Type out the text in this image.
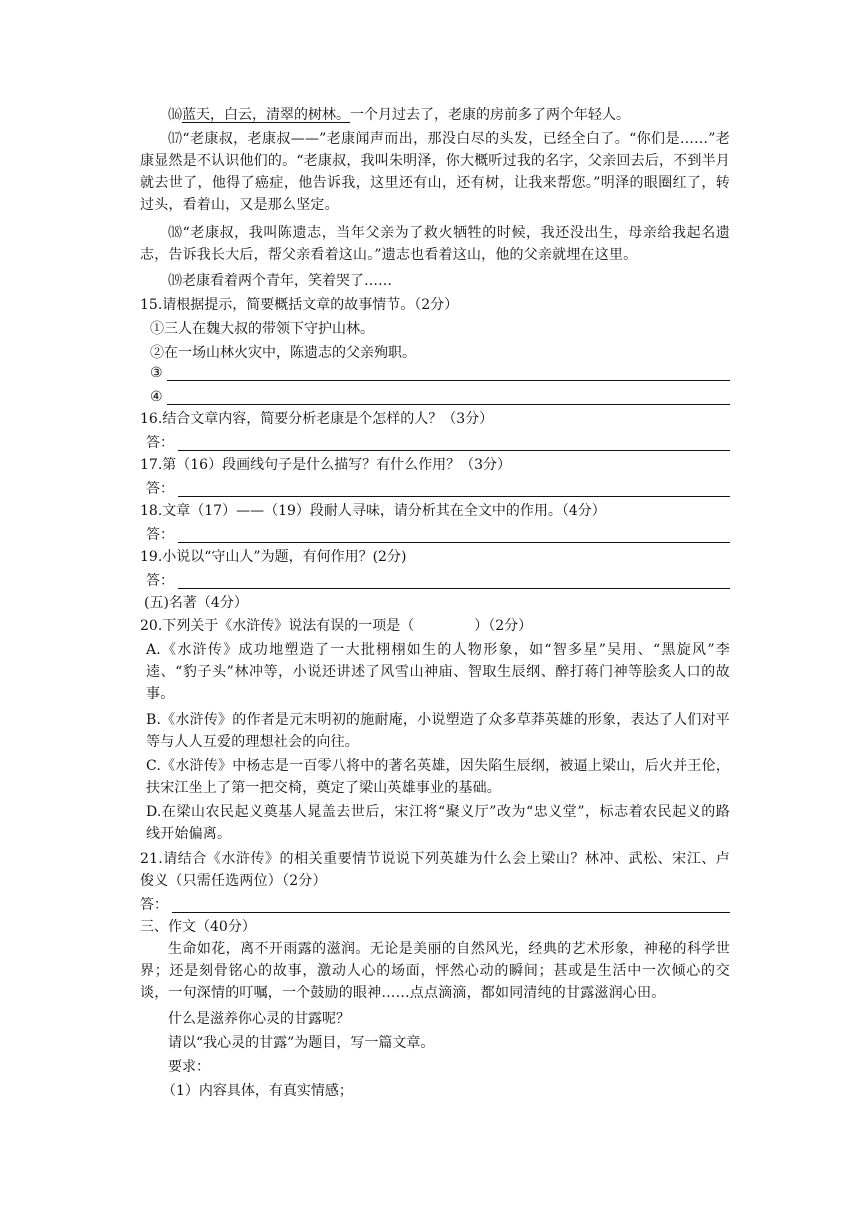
⒃蓝天，白云，清翠的树林。一个月过去了，老康的房前多了两个年轻人。
⒄“老康叔，老康叔——”老康闻声而出，那没白尽的头发，已经全白了。“你们是……”老康显然是不认识他们的。“老康叔，我叫朱明泽，你大概听过我的名字，父亲回去后，不到半月就去世了，他得了癌症，他告诉我，这里还有山，还有树，让我来帮您。”明泽的眼圈红了，转过头，看着山，又是那么坚定。
⒅“老康叔，我叫陈遗志，当年父亲为了救火牺牲的时候，我还没出生，母亲给我起名遗志，告诉我长大后，帮父亲看着这山。”遗志也看着这山，他的父亲就埋在这里。
⒆老康看着两个青年，笑着哭了……
15.请根据提示，简要概括文章的故事情节。（2分）
①三人在魏大叔的带领下守护山林。
②在一场山林火灾中，陈遗志的父亲殉职。
③
④
16.结合文章内容，简要分析老康是个怎样的人？（3分）
答：
17.第（16）段画线句子是什么描写？有什么作用？（3分）
答：
18.文章（17）——（19）段耐人寻味，请分析其在全文中的作用。（4分）
答：
19.小说以“守山人”为题，有何作用？(2分)
答：
(五)名著（4分）
20.下列关于《水浒传》说法有误的一项是（	）（2分）
A.《水浒传》成功地塑造了一大批栩栩如生的人物形象，如“智多星”吴用、“黑旋风”李逵、“豹子头”林冲等，小说还讲述了风雪山神庙、智取生辰纲、醉打蒋门神等脍炙人口的故事。
B.《水浒传》的作者是元末明初的施耐庵，小说塑造了众多草莽英雄的形象，表达了人们对平等与人人互爱的理想社会的向往。
C.《水浒传》中杨志是一百零八将中的著名英雄，因失陷生辰纲，被逼上梁山，后火并王伦，扶宋江坐上了第一把交椅，奠定了梁山英雄事业的基础。
D.在梁山农民起义奠基人晁盖去世后，宋江将“聚义厅”改为“忠义堂”，标志着农民起义的路线开始偏离。
21.请结合《水浒传》的相关重要情节说说下列英雄为什么会上梁山？林冲、武松、宋江、卢俊义（只需任选两位）（2分）
答：
三、作文（40分）
生命如花，离不开雨露的滋润。无论是美丽的自然风光，经典的艺术形象，神秘的科学世界；还是刻骨铭心的故事，激动人心的场面，怦然心动的瞬间；甚或是生活中一次倾心的交谈，一句深情的叮嘱，一个鼓励的眼神……点点滴滴，都如同清纯的甘露滋润心田。
什么是滋养你心灵的甘露呢？
请以“我心灵的甘露”为题目，写一篇文章。
要求：
（1）内容具体，有真实情感；
